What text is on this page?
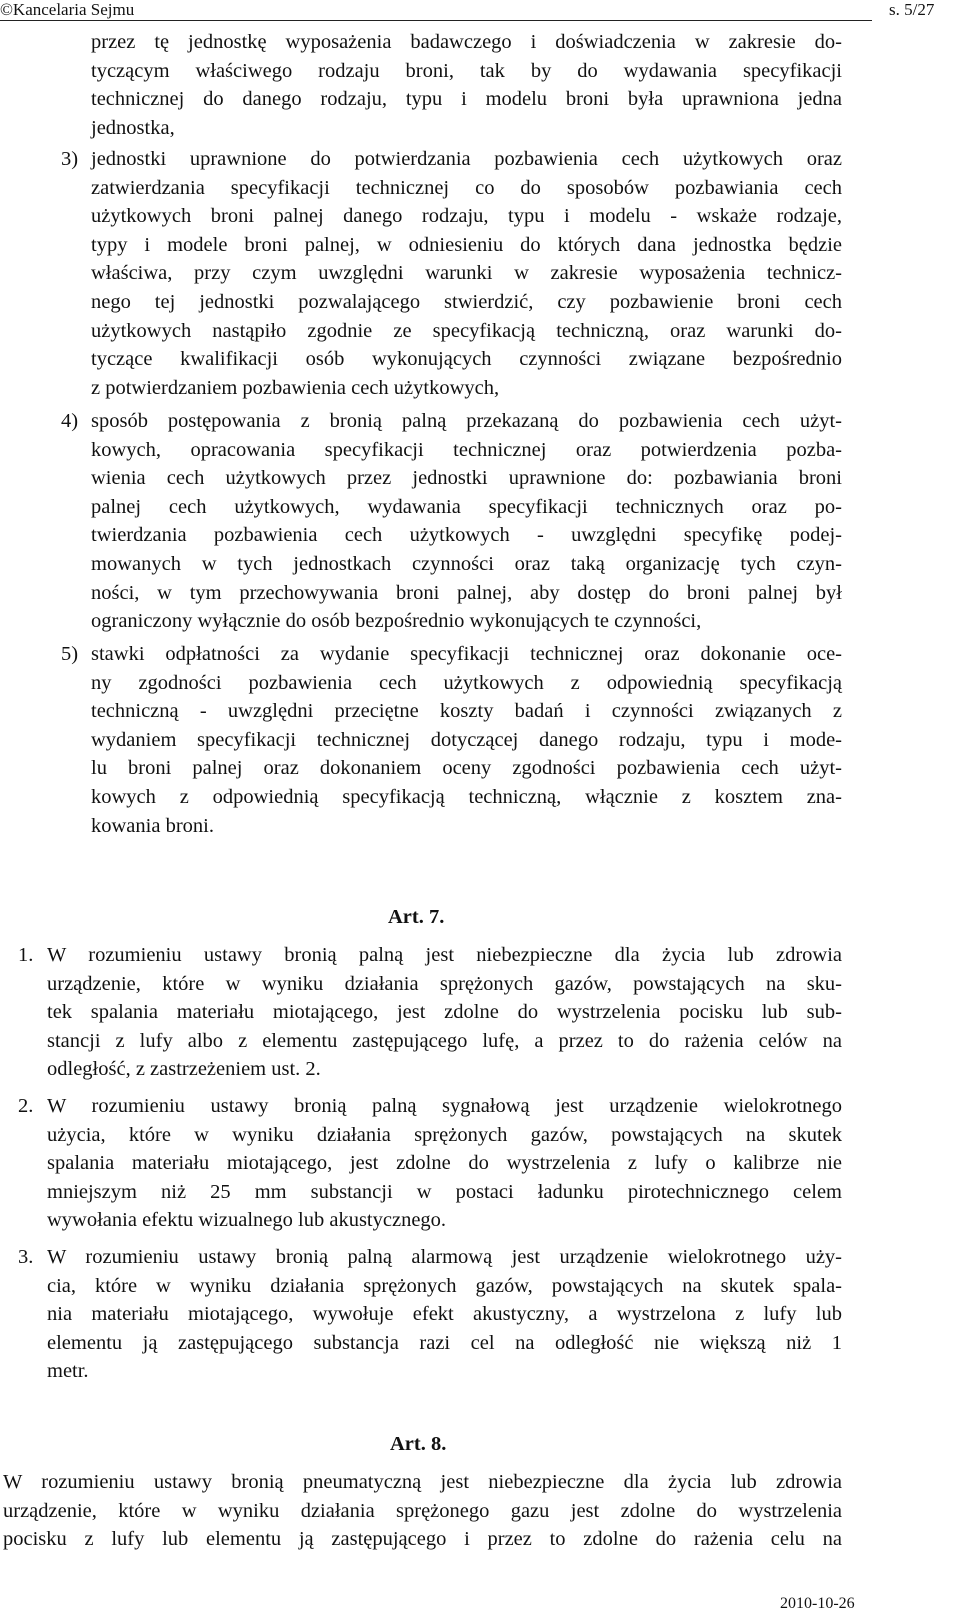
©Kancelaria Sejmu	s. 5/27
przez tę jednostkę wyposażenia badawczego i doświadczenia w zakresie do-
tyczącym właściwego rodzaju broni, tak by do wydawania specyfikacji
technicznej do danego rodzaju, typu i modelu broni była uprawniona jedna
jednostka,
3) jednostki uprawnione do potwierdzania pozbawienia cech użytkowych oraz
zatwierdzania specyfikacji technicznej co do sposobów pozbawiania cech
użytkowych broni palnej danego rodzaju, typu i modelu - wskaże rodzaje,
typy i modele broni palnej, w odniesieniu do których dana jednostka będzie
właściwa, przy czym uwzględni warunki w zakresie wyposażenia technicz-
nego tej jednostki pozwalającego stwierdzić, czy pozbawienie broni cech
użytkowych nastąpiło zgodnie ze specyfikacją techniczną, oraz warunki do-
tyczące kwalifikacji osób wykonujących czynności związane bezpośrednio
z potwierdzaniem pozbawienia cech użytkowych,
4) sposób postępowania z bronią palną przekazaną do pozbawienia cech użyt-
kowych, opracowania specyfikacji technicznej oraz potwierdzenia pozba-
wienia cech użytkowych przez jednostki uprawnione do: pozbawiania broni
palnej cech użytkowych, wydawania specyfikacji technicznych oraz po-
twierdzania pozbawienia cech użytkowych - uwzględni specyfikę podej-
mowanych w tych jednostkach czynności oraz taką organizację tych czyn-
ności, w tym przechowywania broni palnej, aby dostęp do broni palnej był
ograniczony wyłącznie do osób bezpośrednio wykonujących te czynności,
5) stawki odpłatności za wydanie specyfikacji technicznej oraz dokonanie oce-
ny zgodności pozbawienia cech użytkowych z odpowiednią specyfikacją
techniczną - uwzględni przeciętne koszty badań i czynności związanych z
wydaniem specyfikacji technicznej dotyczącej danego rodzaju, typu i mode-
lu broni palnej oraz dokonaniem oceny zgodności pozbawienia cech użyt-
kowych z odpowiednią specyfikacją techniczną, włącznie z kosztem zna-
kowania broni.
Art. 7.
1. W rozumieniu ustawy bronią palną jest niebezpieczne dla życia lub zdrowia
urządzenie, które w wyniku działania sprężonych gazów, powstających na sku-
tek spalania materiału miotającego, jest zdolne do wystrzelenia pocisku lub sub-
stancji z lufy albo z elementu zastępującego lufę, a przez to do rażenia celów na
odległość, z zastrzeżeniem ust. 2.
2. W rozumieniu ustawy bronią palną sygnałową jest urządzenie wielokrotnego
użycia, które w wyniku działania sprężonych gazów, powstających na skutek
spalania materiału miotającego, jest zdolne do wystrzelenia z lufy o kalibrze nie
mniejszym niż 25 mm substancji w postaci ładunku pirotechnicznego celem
wywołania efektu wizualnego lub akustycznego.
3. W rozumieniu ustawy bronią palną alarmową jest urządzenie wielokrotnego uży-
cia, które w wyniku działania sprężonych gazów, powstających na skutek spala-
nia materiału miotającego, wywołuje efekt akustyczny, a wystrzelona z lufy lub
elementu ją zastępującego substancja razi cel na odległość nie większą niż 1
metr.
Art. 8.
W rozumieniu ustawy bronią pneumatyczną jest niebezpieczne dla życia lub zdrowia
urządzenie, które w wyniku działania sprężonego gazu jest zdolne do wystrzelenia
pocisku z lufy lub elementu ją zastępującego i przez to zdolne do rażenia celu na
2010-10-26
